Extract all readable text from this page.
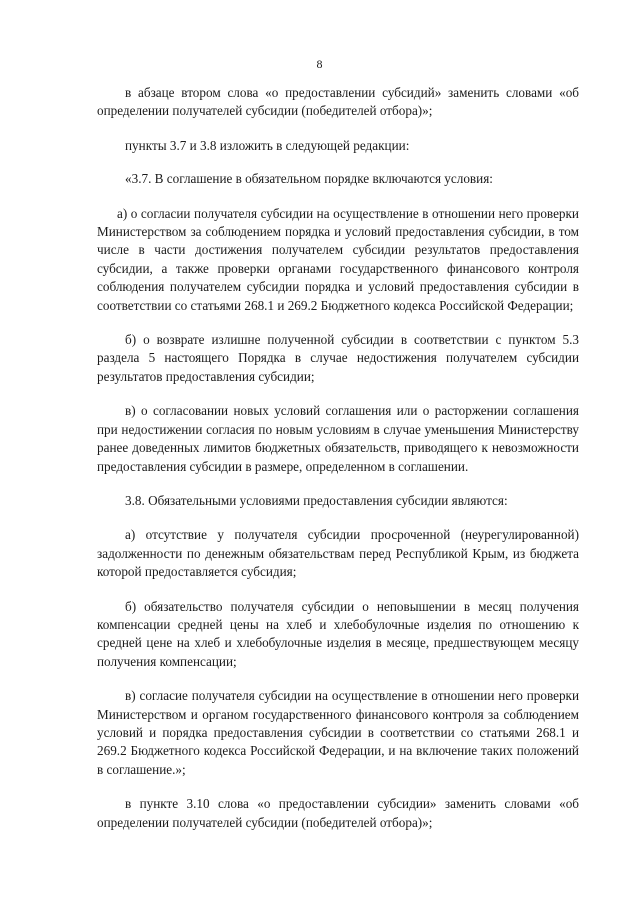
8

в абзаце втором слова «о предоставлении субсидий» заменить словами «об определении получателей субсидии (победителей отбора)»;

пункты 3.7 и 3.8 изложить в следующей редакции:

«3.7. В соглашение в обязательном порядке включаются условия:

а) о согласии получателя субсидии на осуществление в отношении него проверки Министерством за соблюдением порядка и условий предоставления субсидии, в том числе в части достижения получателем субсидии результатов предоставления субсидии, а также проверки органами государственного финансового контроля соблюдения получателем субсидии порядка и условий предоставления субсидии в соответствии со статьями 268.1 и 269.2 Бюджетного кодекса Российской Федерации;

б) о возврате излишне полученной субсидии в соответствии с пунктом 5.3 раздела 5 настоящего Порядка в случае недостижения получателем субсидии результатов предоставления субсидии;

в) о согласовании новых условий соглашения или о расторжении соглашения при недостижении согласия по новым условиям в случае уменьшения Министерству ранее доведенных лимитов бюджетных обязательств, приводящего к невозможности предоставления субсидии в размере, определенном в соглашении.

3.8. Обязательными условиями предоставления субсидии являются:

а) отсутствие у получателя субсидии просроченной (неурегулированной) задолженности по денежным обязательствам перед Республикой Крым, из бюджета которой предоставляется субсидия;

б) обязательство получателя субсидии о неповышении в месяц получения компенсации средней цены на хлеб и хлебобулочные изделия по отношению к средней цене на хлеб и хлебобулочные изделия в месяце, предшествующем месяцу получения компенсации;

в) согласие получателя субсидии на осуществление в отношении него проверки Министерством и органом государственного финансового контроля за соблюдением условий и порядка предоставления субсидии в соответствии со статьями 268.1 и 269.2 Бюджетного кодекса Российской Федерации, и на включение таких положений в соглашение.»;

в пункте 3.10 слова «о предоставлении субсидии» заменить словами «об определении получателей субсидии (победителей отбора)»;
